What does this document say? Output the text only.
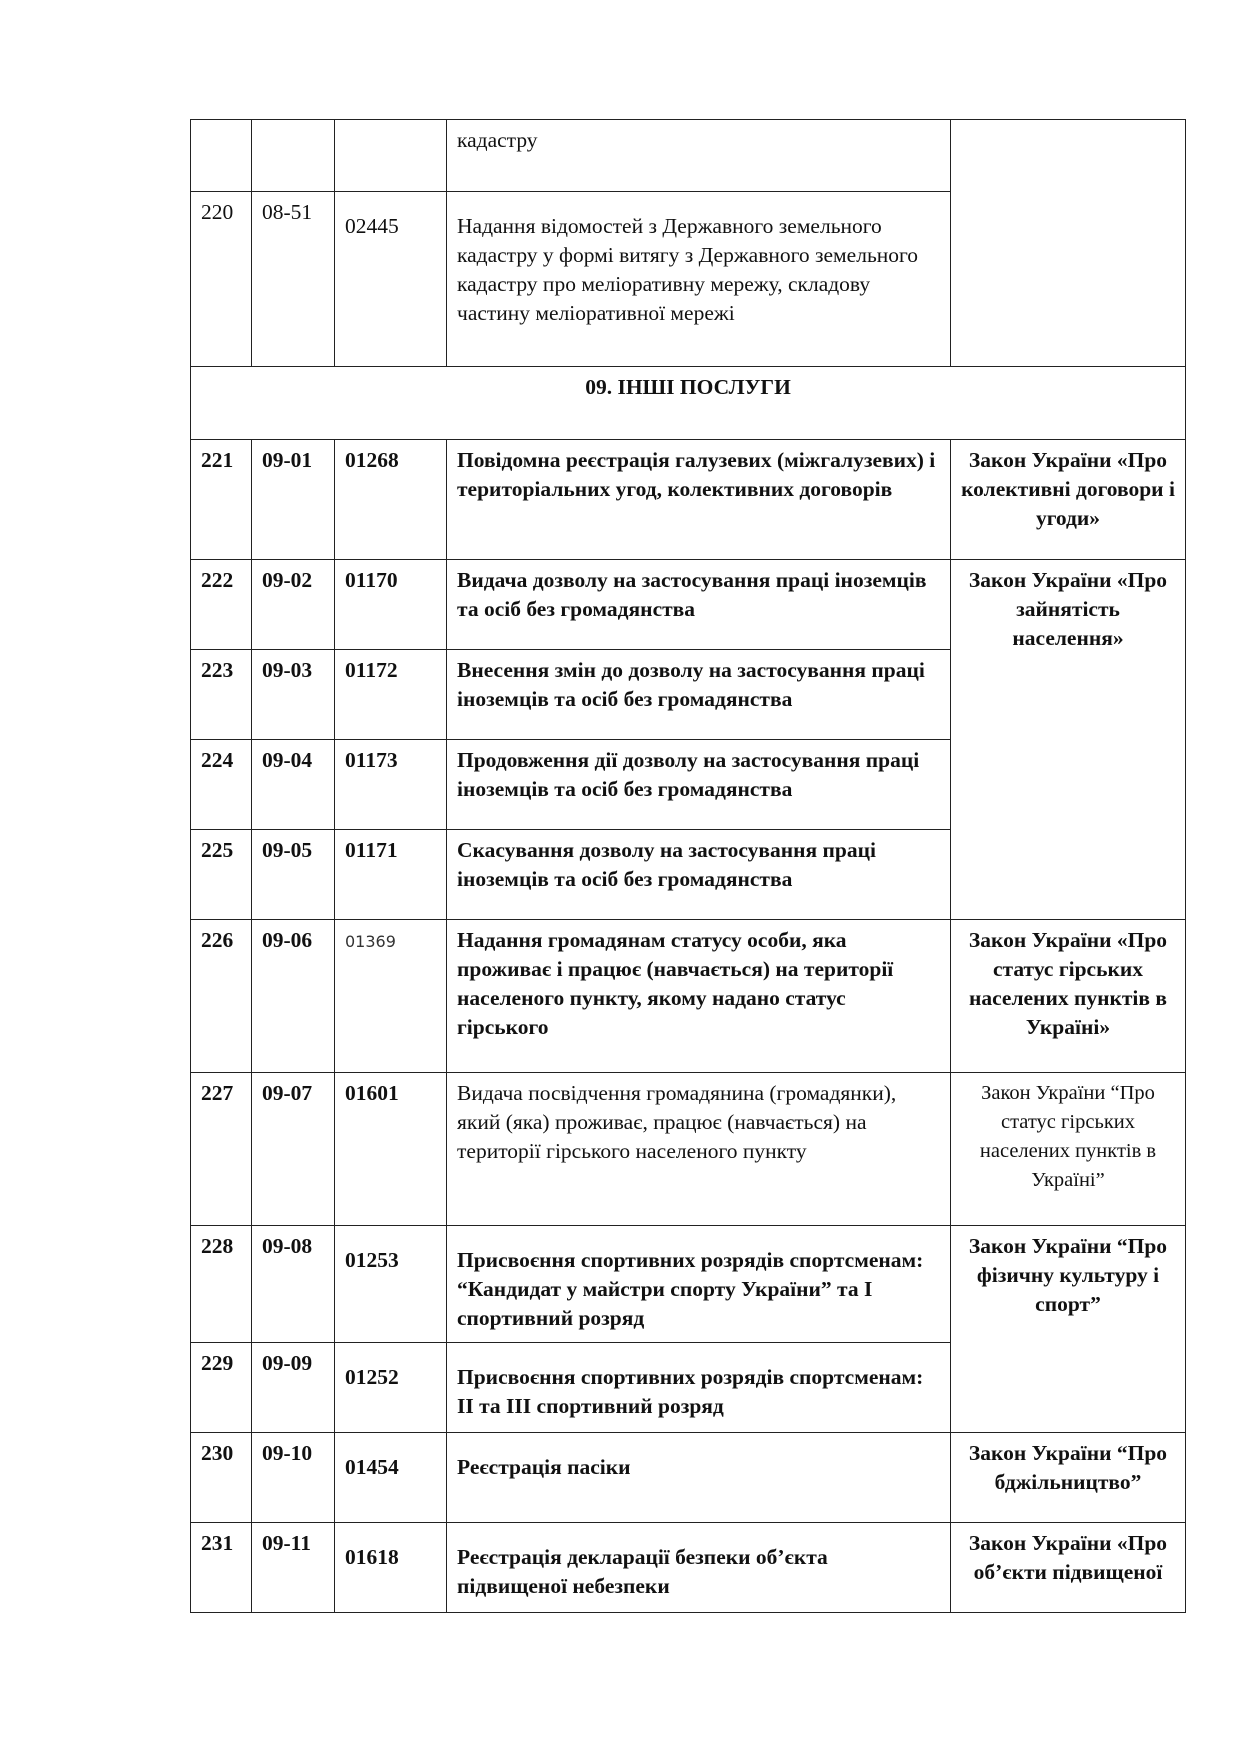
			кадастру	
220	08-51	02445	Надання відомостей з Державного земельного кадастру у формі витягу з Державного земельного кадастру про меліоративну мережу, складову частину меліоративної мережі	
09. ІНШІ ПОСЛУГИ				
221	09-01	01268	Повідомна реєстрація галузевих (міжгалузевих) і територіальних угод, колективних договорів	Закон України «Про колективні договори і угоди»
222	09-02	01170	Видача дозволу на застосування праці іноземців та осіб без громадянства	Закон України «Про зайнятість населення»
223	09-03	01172	Внесення змін до дозволу на застосування праці іноземців та осіб без громадянства	
224	09-04	01173	Продовження дії дозволу на застосування праці іноземців та осіб без громадянства	
225	09-05	01171	Скасування дозволу на застосування праці іноземців та осіб без громадянства	
226	09-06	01369	Надання громадянам статусу особи, яка проживає і працює (навчається) на території населеного пункту, якому надано статус гірського	Закон України «Про статус гірських населених пунктів в Україні»
227	09-07	01601	Видача посвідчення громадянина (громадянки), який (яка) проживає, працює (навчається) на території гірського населеного пункту	Закон України “Про статус гірських населених пунктів в Україні”
228	09-08	01253	Присвоєння спортивних розрядів спортсменам: “Кандидат у майстри спорту України” та І спортивний розряд	Закон України “Про фізичну культуру і спорт”
229	09-09	01252	Присвоєння спортивних розрядів спортсменам: ІІ та ІІІ спортивний розряд	
230	09-10	01454	Реєстрація пасіки	Закон України “Про бджільництво”
231	09-11	01618	Реєстрація декларації безпеки об’єкта підвищеної небезпеки	Закон України «Про об’єкти підвищеної
